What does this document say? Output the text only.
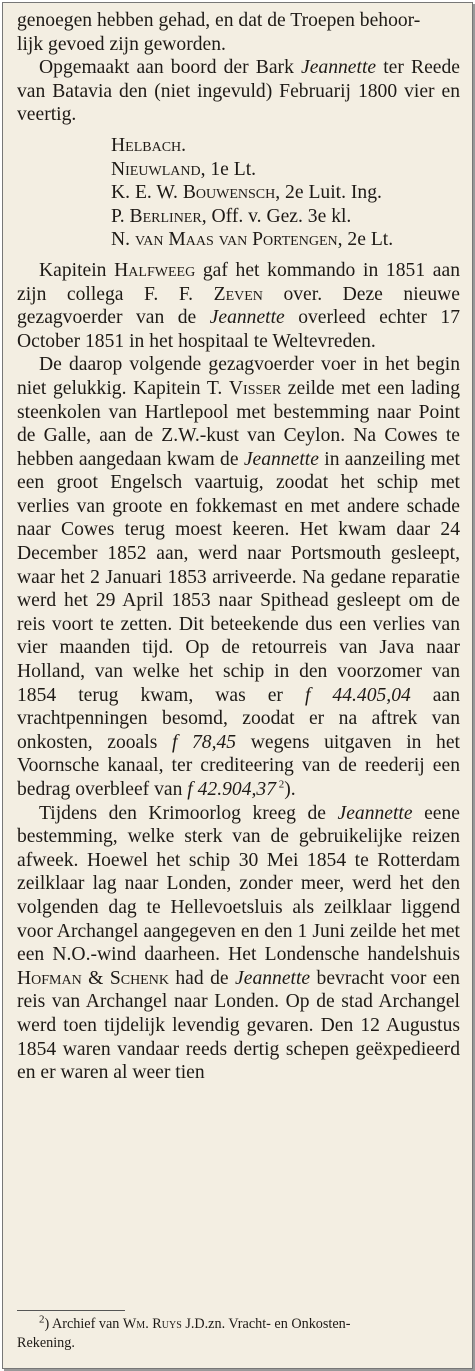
genoegen hebben gehad, en dat de Troepen behoor-
lijk gevoed zijn geworden.

Opgemaakt aan boord der Bark Jeannette ter Reede van Batavia den (niet ingevuld) Februarij 1800 vier en veertig.

Helbach.
Nieuwland, 1e Lt.
K. E. W. Bouwensch, 2e Luit. Ing.
P. Berliner, Off. v. Gez. 3e kl.
N. van Maas van Portengen, 2e Lt.

Kapitein Halfweeg gaf het kommando in 1851 aan zijn collega F. F. Zeven over. Deze nieuwe gezagvoerder van de Jeannette overleed echter 17 October 1851 in het hospitaal te Weltevreden.

De daarop volgende gezagvoerder voer in het begin niet gelukkig. Kapitein T. Visser zeilde met een lading steenkolen van Hartlepool met bestemming naar Point de Galle, aan de Z.W.-kust van Ceylon. Na Cowes te hebben aangedaan kwam de Jeannette in aanzeiling met een groot Engelsch vaartuig, zoodat het schip met verlies van groote en fokkemast en met andere schade naar Cowes terug moest keeren. Het kwam daar 24 December 1852 aan, werd naar Portsmouth gesleept, waar het 2 Januari 1853 arriveerde. Na gedane reparatie werd het 29 April 1853 naar Spithead gesleept om de reis voort te zetten. Dit beteekende dus een verlies van vier maanden tijd. Op de retourreis van Java naar Holland, van welke het schip in den voorzomer van 1854 terug kwam, was er f 44.405,04 aan vrachtpenningen besomd, zoodat er na aftrek van onkosten, zooals f 78,45 wegens uitgaven in het Voornsche kanaal, ter crediteering van de reederij een bedrag overbleef van f 42.904,37 $^2$).

Tijdens den Krimoorlog kreeg de Jeannette eene bestemming, welke sterk van de gebruikelijke reizen afweek. Hoewel het schip 30 Mei 1854 te Rotterdam zeilklaar lag naar Londen, zonder meer, werd het den volgenden dag te Hellevoetsluis als zeilklaar liggend voor Archangel aangegeven en den 1 Juni zeilde het met een N.O.-wind daarheen. Het Londensche handelshuis Hofman & Schenk had de Jeannette bevracht voor een reis van Archangel naar Londen. Op de stad Archangel werd toen tijdelijk levendig gevaren. Den 12 Augustus 1854 waren vandaar reeds dertig schepen geëxpedieerd en er waren al weer tien

$^2$) Archief van Wm. Ruys J.D.zn. Vracht- en Onkosten-
Rekening.
